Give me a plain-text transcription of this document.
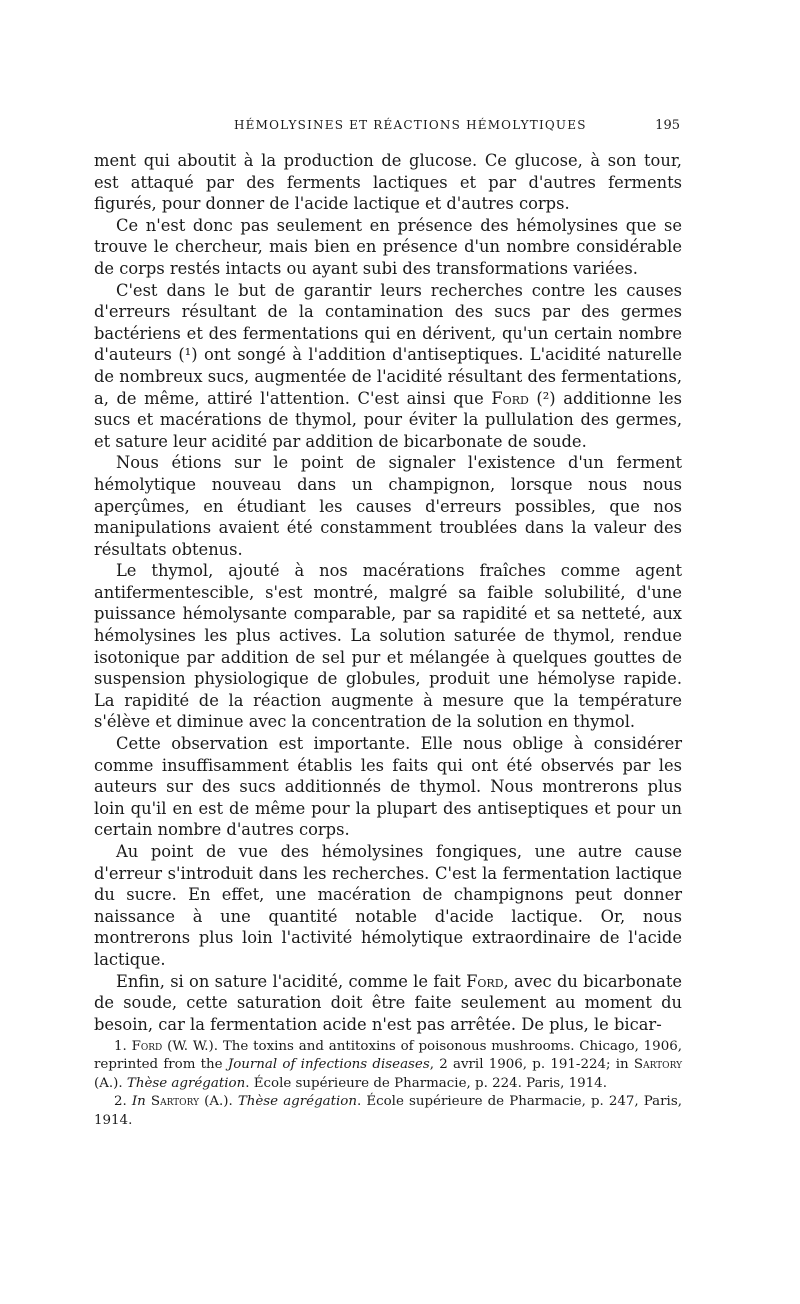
HÉMOLYSINES ET RÉACTIONS HÉMOLYTIQUES	195

ment qui aboutit à la production de glucose. Ce glucose, à son tour, est attaqué par des ferments lactiques et par d'autres ferments figurés, pour donner de l'acide lactique et d'autres corps.

Ce n'est donc pas seulement en présence des hémolysines que se trouve le chercheur, mais bien en présence d'un nombre considérable de corps restés intacts ou ayant subi des transformations variées.

C'est dans le but de garantir leurs recherches contre les causes d'erreurs résultant de la contamination des sucs par des germes bactériens et des fermentations qui en dérivent, qu'un certain nombre d'auteurs (¹) ont songé à l'addition d'antiseptiques. L'acidité naturelle de nombreux sucs, augmentée de l'acidité résultant des fermentations, a, de même, attiré l'attention. C'est ainsi que Ford (²) additionne les sucs et macérations de thymol, pour éviter la pullulation des germes, et sature leur acidité par addition de bicarbonate de soude.

Nous étions sur le point de signaler l'existence d'un ferment hémolytique nouveau dans un champignon, lorsque nous nous aperçûmes, en étudiant les causes d'erreurs possibles, que nos manipulations avaient été constamment troublées dans la valeur des résultats obtenus.

Le thymol, ajouté à nos macérations fraîches comme agent antifermentescible, s'est montré, malgré sa faible solubilité, d'une puissance hémolysante comparable, par sa rapidité et sa netteté, aux hémolysines les plus actives. La solution saturée de thymol, rendue isotonique par addition de sel pur et mélangée à quelques gouttes de suspension physiologique de globules, produit une hémolyse rapide. La rapidité de la réaction augmente à mesure que la température s'élève et diminue avec la concentration de la solution en thymol.

Cette observation est importante. Elle nous oblige à considérer comme insuffisamment établis les faits qui ont été observés par les auteurs sur des sucs additionnés de thymol. Nous montrerons plus loin qu'il en est de même pour la plupart des antiseptiques et pour un certain nombre d'autres corps.

Au point de vue des hémolysines fongiques, une autre cause d'erreur s'introduit dans les recherches. C'est la fermentation lactique du sucre. En effet, une macération de champignons peut donner naissance à une quantité notable d'acide lactique. Or, nous montrerons plus loin l'activité hémolytique extraordinaire de l'acide lactique.

Enfin, si on sature l'acidité, comme le fait Ford, avec du bicarbonate de soude, cette saturation doit être faite seulement au moment du besoin, car la fermentation acide n'est pas arrêtée. De plus, le bicar-

1. Ford (W. W.). The toxins and antitoxins of poisonous mushrooms. Chicago, 1906, reprinted from the Journal of infections diseases, 2 avril 1906, p. 191-224; in Sartory (A.). Thèse agrégation. École supérieure de Pharmacie, p. 224. Paris, 1914.

2. In Sartory (A.). Thèse agrégation. École supérieure de Pharmacie, p. 247, Paris, 1914.
